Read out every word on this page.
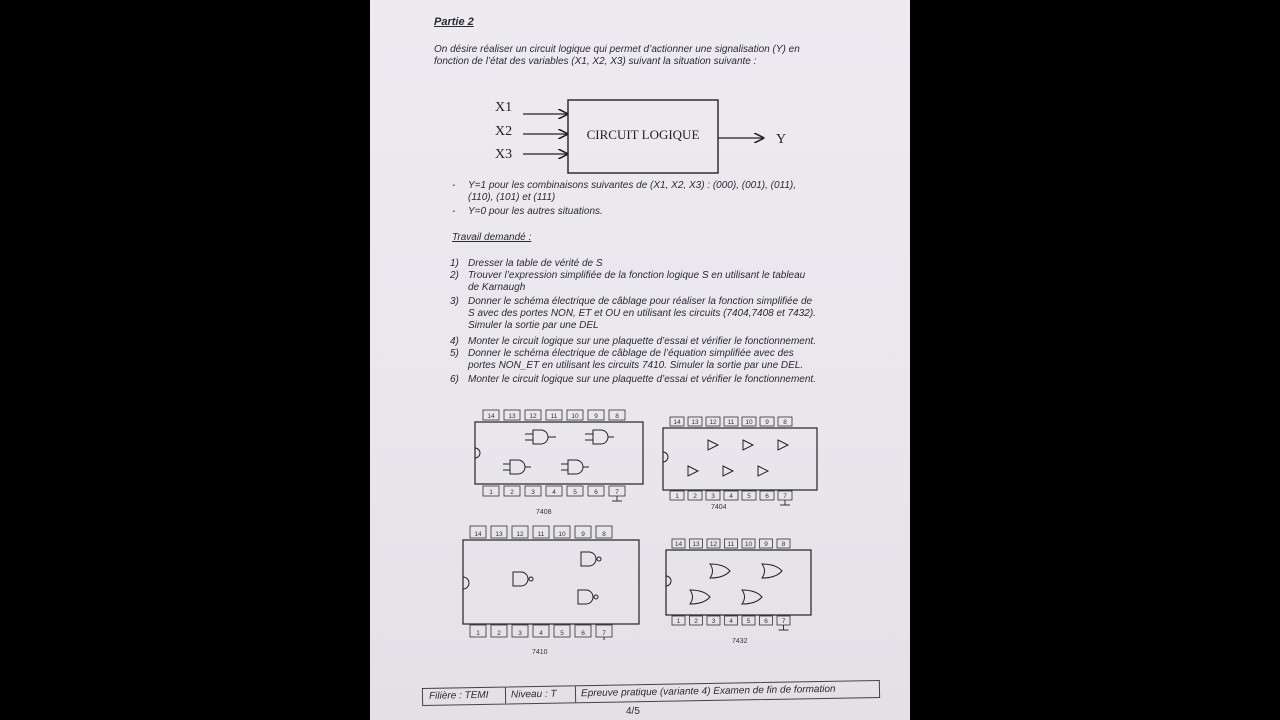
Partie 2
On désire réaliser un circuit logique qui permet d’actionner une signalisation (Y) en
fonction de l’état des variables (X1, X2, X3) suivant la situation suivante :
X1
X2
X3
CIRCUIT LOGIQUE	Y
- Y=1 pour les combinaisons suivantes de (X1, X2, X3) : (000), (001), (011),
(110), (101) et (111)
- Y=0 pour les autres situations.
Travail demandé :
1) Dresser la table de vérité de S
2) Trouver l’expression simplifiée de la fonction logique S en utilisant le tableau
de Karnaugh
3) Donner le schéma électrique de câblage pour réaliser la fonction simplifiée de
S avec des portes NON, ET et OU en utilisant les circuits (7404,7408 et 7432).
Simuler la sortie par une DEL
4) Monter le circuit logique sur une plaquette d’essai et vérifier le fonctionnement.
5) Donner le schéma électrique de câblage de l’équation simplifiée avec des
portes NON_ET en utilisant les circuits 7410. Simuler la sortie par une DEL.
6) Monter le circuit logique sur une plaquette d’essai et vérifier le fonctionnement.
14 13 12 11 10 9	8
1	2	3	4	5	6	7
7408
14 13 12 11 10 9 8
1 2 3 4 5 6 7
7404
14 13 12 11 10 9	8
1	2	3	4	5	6	7
7410
14 13 12 11 10 9 8
1 2 3 4 5 6 7
7432
Filière : TEMI Niveau : T Epreuve pratique (variante 4) Examen de fin de formation
4/5
